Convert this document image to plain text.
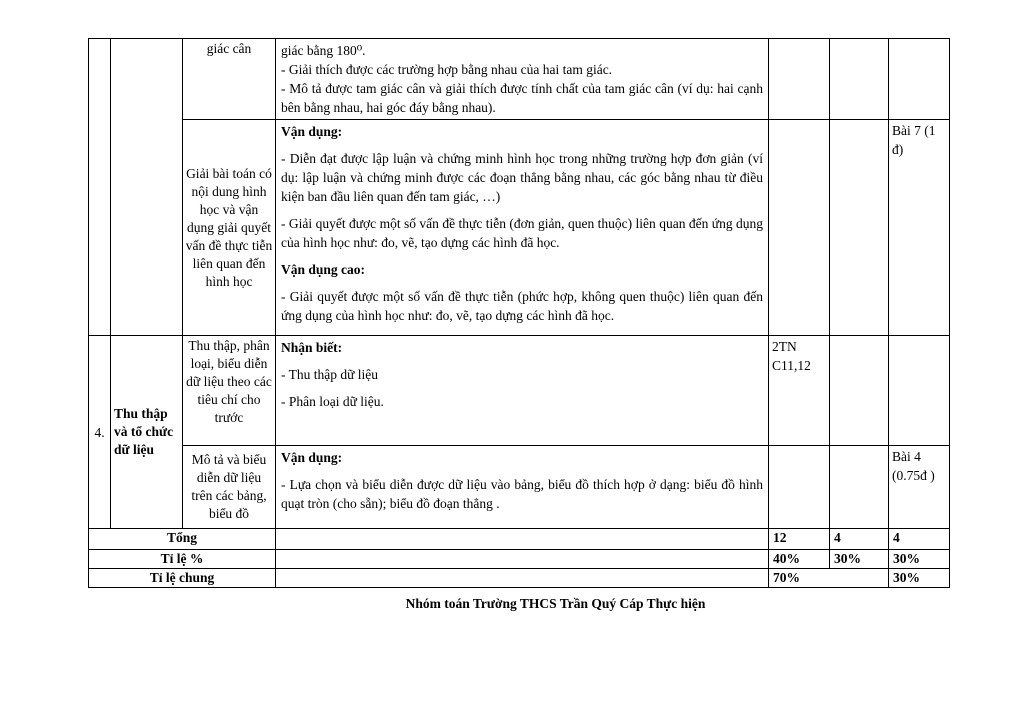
		giác cân	giác bằng 180⁰.

- Giải thích được các trường hợp bằng nhau của hai tam giác.

- Mô tả được tam giác cân và giải thích được tính chất của tam giác cân (ví dụ: hai cạnh bên bằng nhau, hai góc đáy bằng nhau).			

		Giải bài toán có nội dung hình học và vận dụng giải quyết vấn đề thực tiễn liên quan đến hình học	Vận dụng:

- Diễn đạt được lập luận và chứng minh hình học trong những trường hợp đơn giản (ví dụ: lập luận và chứng minh được các đoạn thẳng bằng nhau, các góc bằng nhau từ điều kiện ban đầu liên quan đến tam giác, …)

- Giải quyết được một số vấn đề thực tiễn (đơn giản, quen thuộc) liên quan đến ứng dụng của hình học như: đo, vẽ, tạo dựng các hình đã học.

Vận dụng cao:

- Giải quyết được một số vấn đề thực tiễn (phức hợp, không quen thuộc) liên quan đến ứng dụng của hình học như: đo, vẽ, tạo dựng các hình đã học.			Bài 7 (1 đ)
4.	Thu thập và tổ chức dữ liệu	Thu thập, phân loại, biểu diễn dữ liệu theo các tiêu chí cho trước	Nhận biết:

- Thu thập dữ liệu

- Phân loại dữ liệu.	2TN C11,12		
		Mô tả và biểu diễn dữ liệu trên các bảng, biểu đồ	Vận dụng:

- Lựa chọn và biểu diễn được dữ liệu vào bảng, biểu đồ thích hợp ở dạng: biểu đồ hình quạt tròn (cho sẵn); biểu đồ đoạn thẳng .			Bài 4 (0.75đ )
Tổng				12	4	4
Tỉ lệ %				40%	30%	30%
Tỉ lệ chung				70%		30%
Nhóm toán Trường THCS Trần Quý Cáp Thực hiện
